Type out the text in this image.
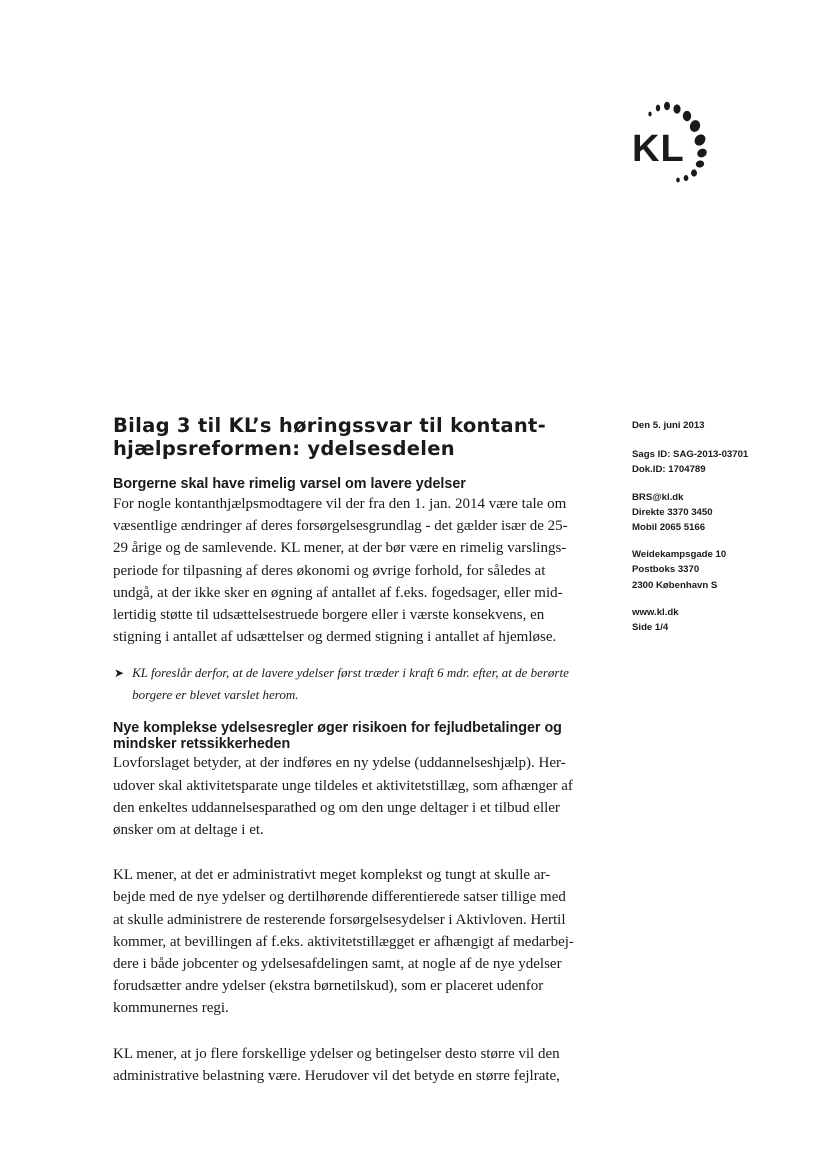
KL
Bilag 3 til KL’s høringssvar til kontant-
hjælpsreformen: ydelsesdelen
Borgerne skal have rimelig varsel om lavere ydelser

For nogle kontanthjælpsmodtagere vil der fra den 1. jan. 2014 være tale om
væsentlige ændringer af deres forsørgelsesgrundlag - det gælder især de 25-
29 årige og de samlevende. KL mener, at der bør være en rimelig varslings-
periode for tilpasning af deres økonomi og øvrige forhold, for således at
undgå, at der ikke sker en øgning af antallet af f.eks. fogedsager, eller mid-
lertidig støtte til udsættelsestruede borgere eller i værste konsekvens, en
stigning i antallet af udsættelser og dermed stigning i antallet af hjemløse.

➤ KL foreslår derfor, at de lavere ydelser først træder i kraft 6 mdr. efter, at de berørte
borgere er blevet varslet herom.
Nye komplekse ydelsesregler øger risikoen for fejludbetalinger og
mindsker retssikkerheden

Lovforslaget betyder, at der indføres en ny ydelse (uddannelseshjælp). Her-
udover skal aktivitetsparate unge tildeles et aktivitetstillæg, som afhænger af
den enkeltes uddannelsesparathed og om den unge deltager i et tilbud eller
ønsker om at deltage i et.

KL mener, at det er administrativt meget komplekst og tungt at skulle ar-
bejde med de nye ydelser og dertilhørende differentierede satser tillige med
at skulle administrere de resterende forsørgelsesydelser i Aktivloven. Hertil
kommer, at bevillingen af f.eks. aktivitetstillægget er afhængigt af medarbej-
dere i både jobcenter og ydelsesafdelingen samt, at nogle af de nye ydelser
forudsætter andre ydelser (ekstra børnetilskud), som er placeret udenfor
kommunernes regi.

KL mener, at jo flere forskellige ydelser og betingelser desto større vil den
administrative belastning være. Herudover vil det betyde en større fejlrate,

Den 5. juni 2013
Sags ID: SAG-2013-03701
Dok.ID: 1704789
BRS@kl.dk
Direkte 3370 3450
Mobil 2065 5166
Weidekampsgade 10
Postboks 3370
2300 København S
www.kl.dk
Side 1/4
